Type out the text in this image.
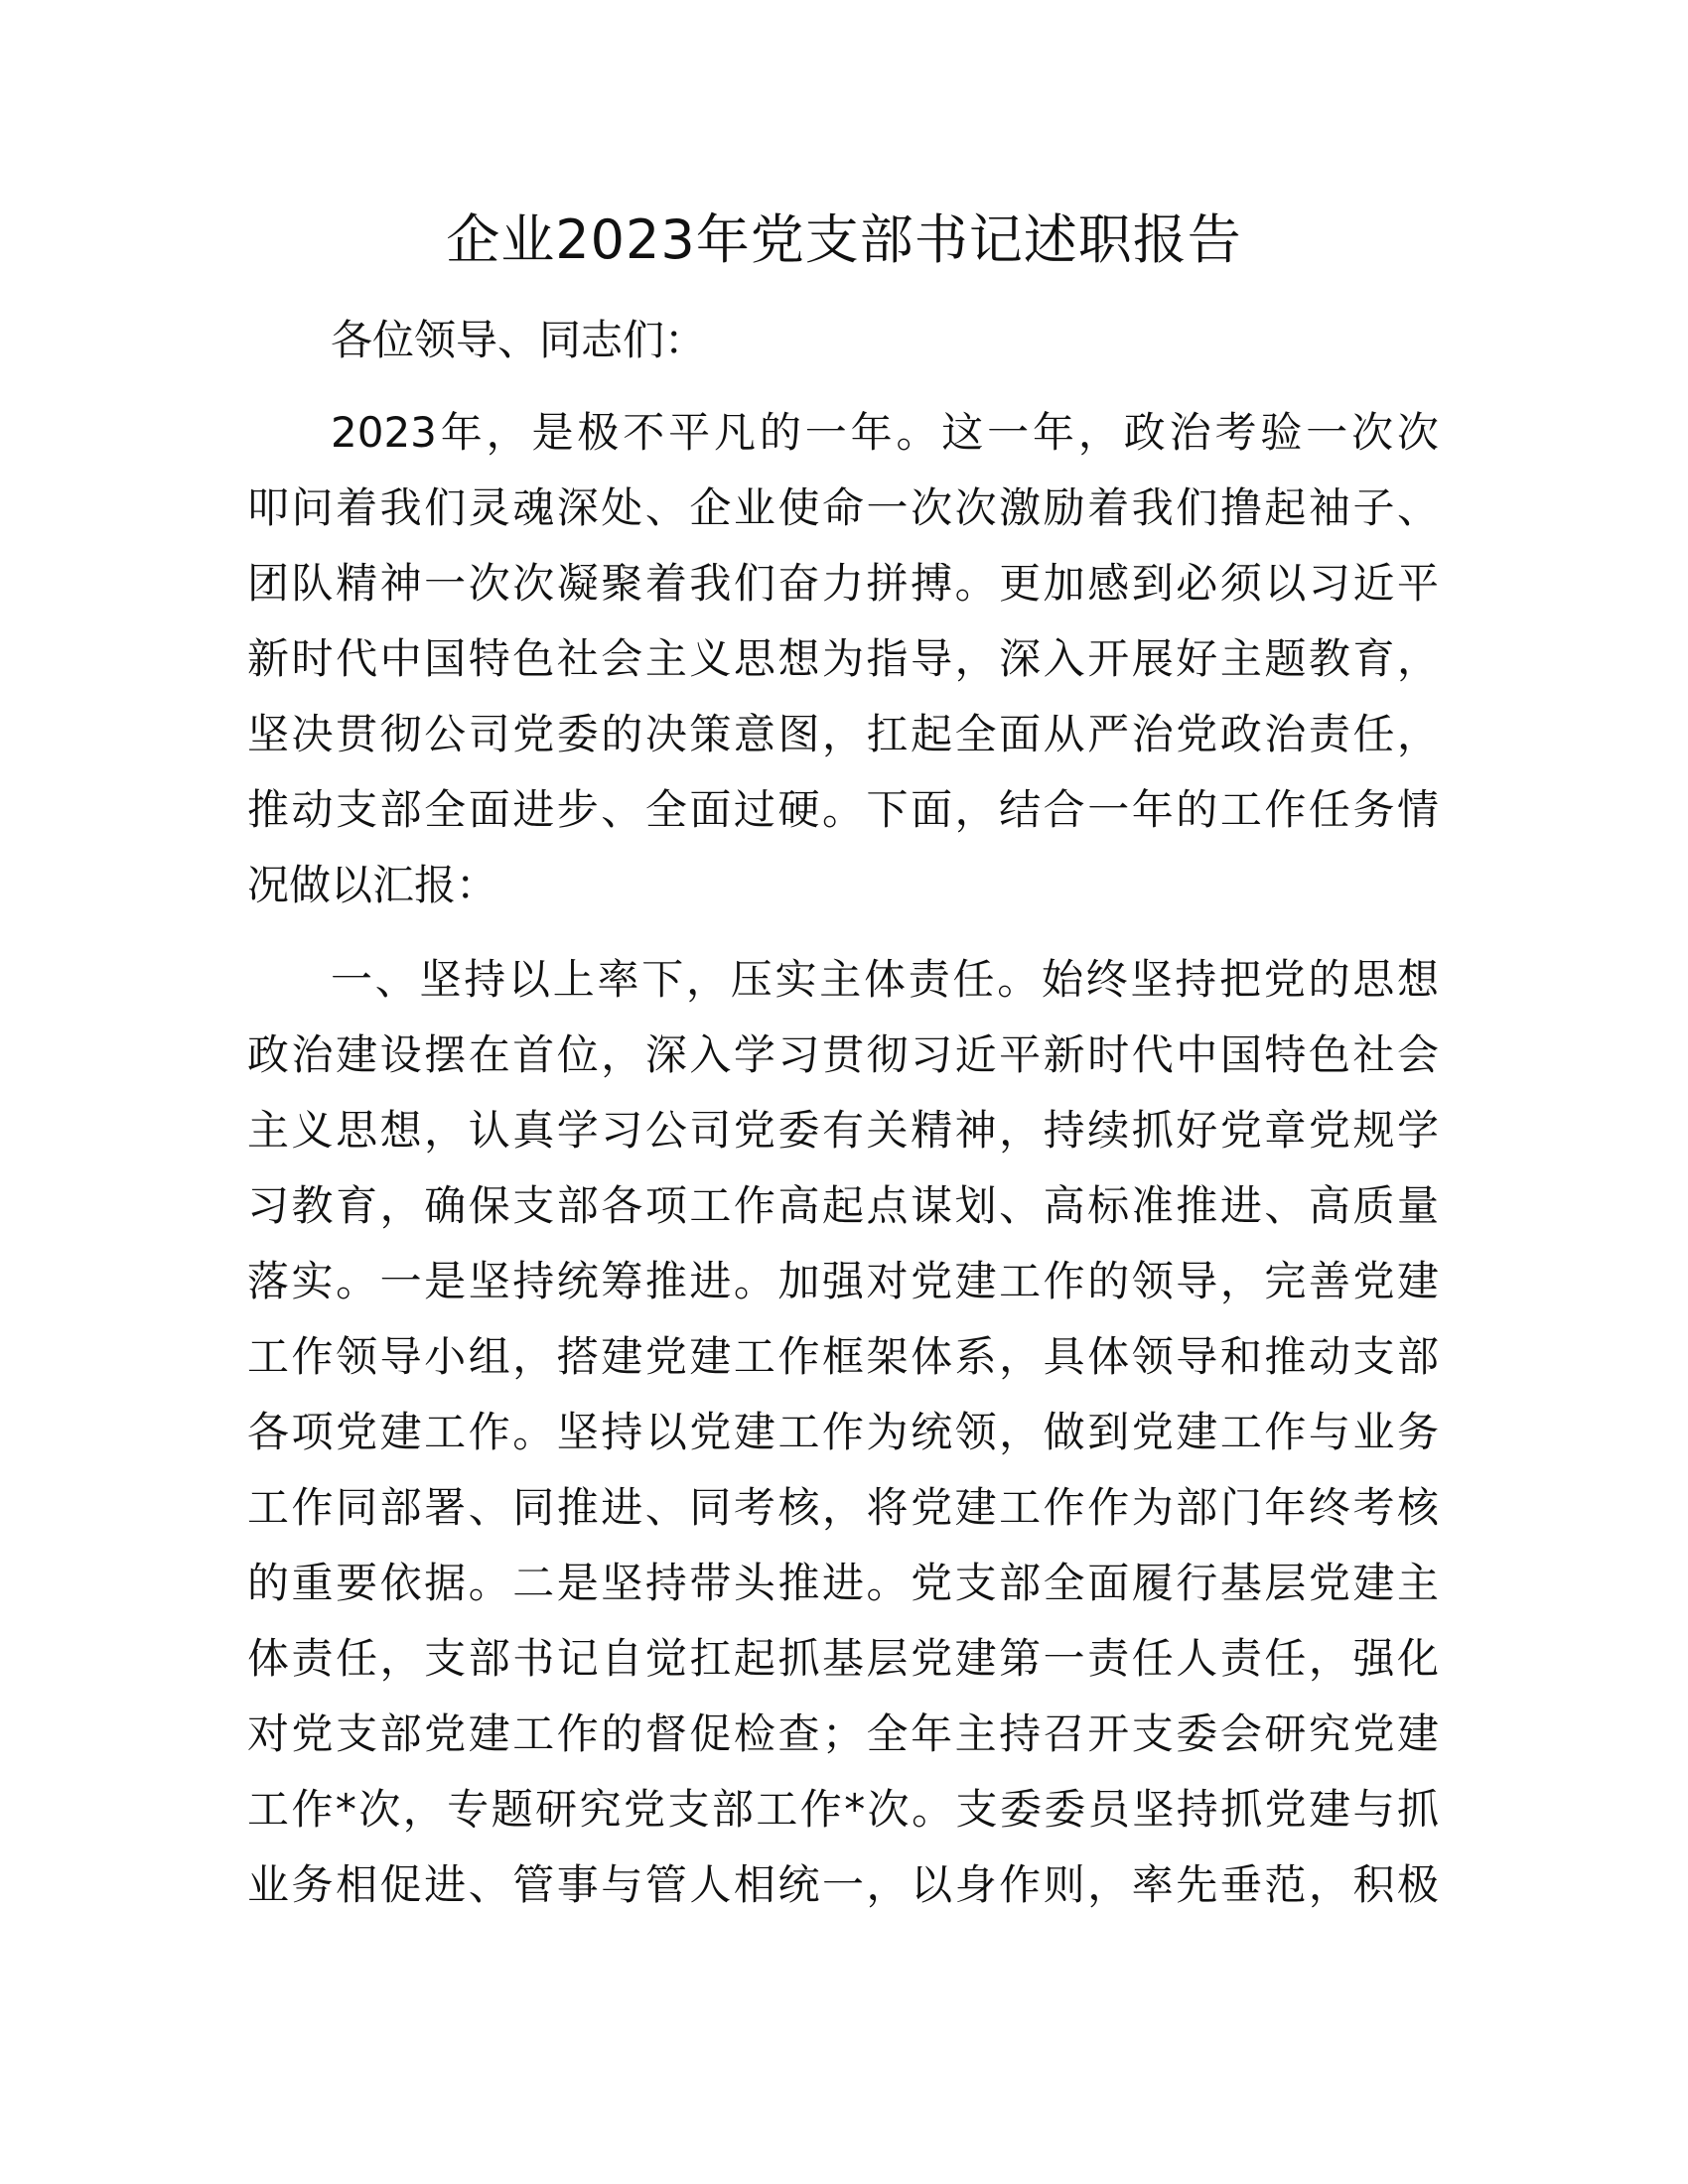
企业2023年党支部书记述职报告

各位领导、同志们：

2023年，是极不平凡的一年。这一年，政治考验一次次
叩问着我们灵魂深处、企业使命一次次激励着我们撸起袖子、
团队精神一次次凝聚着我们奋力拼搏。更加感到必须以习近平
新时代中国特色社会主义思想为指导，深入开展好主题教育，
坚决贯彻公司党委的决策意图，扛起全面从严治党政治责任，
推动支部全面进步、全面过硬。下面，结合一年的工作任务情
况做以汇报：
一、坚持以上率下，压实主体责任。始终坚持把党的思想
政治建设摆在首位，深入学习贯彻习近平新时代中国特色社会
主义思想，认真学习公司党委有关精神，持续抓好党章党规学
习教育，确保支部各项工作高起点谋划、高标准推进、高质量
落实。一是坚持统筹推进。加强对党建工作的领导，完善党建
工作领导小组，搭建党建工作框架体系，具体领导和推动支部
各项党建工作。坚持以党建工作为统领，做到党建工作与业务
工作同部署、同推进、同考核，将党建工作作为部门年终考核
的重要依据。二是坚持带头推进。党支部全面履行基层党建主
体责任，支部书记自觉扛起抓基层党建第一责任人责任，强化
对党支部党建工作的督促检查；全年主持召开支委会研究党建
工作*次，专题研究党支部工作*次。支委委员坚持抓党建与抓
业务相促进、管事与管人相统一，以身作则，率先垂范，积极
